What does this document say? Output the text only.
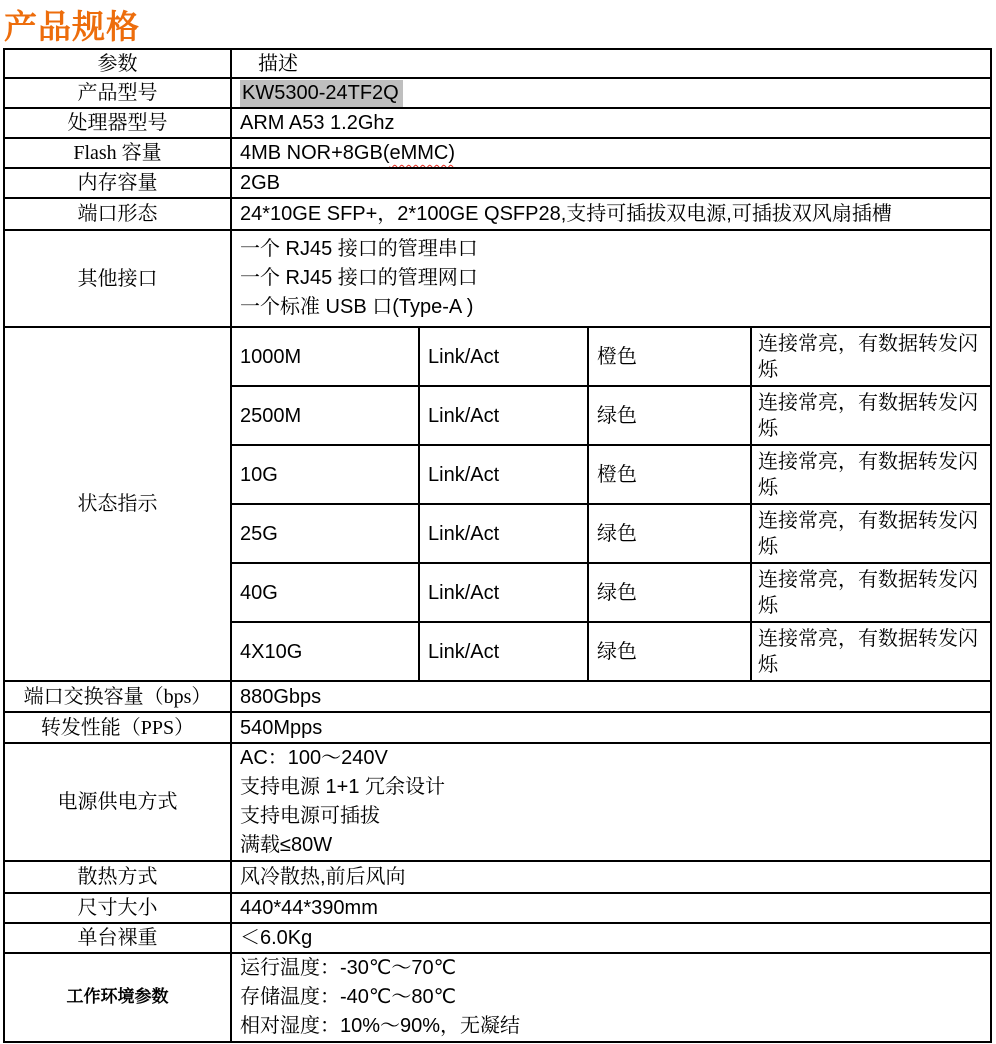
产品规格
参数	描述			
产品型号	KW5300-24TF2Q			
处理器型号	ARM A53 1.2Ghz			
Flash 容量	4MB NOR+8GB(eMMC)			
内存容量	2GB			
端口形态	24*10GE SFP+，2*100GE QSFP28,支持可插拔双电源,可插拔双风扇插槽			
其他接口	一个 RJ45 接口的管理串口
一个 RJ45 接口的管理网口
一个标准 USB 口(Type-A )			

状态指示	1000M	Link/Act	橙色	连接常亮，有数据转发闪烁
	2500M	Link/Act	绿色	连接常亮，有数据转发闪烁
	10G	Link/Act	橙色	连接常亮，有数据转发闪烁
	25G	Link/Act	绿色	连接常亮，有数据转发闪烁
	40G	Link/Act	绿色	连接常亮，有数据转发闪烁
	4X10G	Link/Act	绿色	连接常亮，有数据转发闪烁
端口交换容量（bps）	880Gbps			
转发性能（PPS）	540Mpps			
电源供电方式	AC：100～240V
支持电源 1+1 冗余设计
支持电源可插拔
满载≤80W			

散热方式	风冷散热,前后风向			
尺寸大小	440*44*390mm			
单台裸重	＜6.0Kg			
工作环境参数	运行温度：-30℃～70℃
存储温度：-40℃～80℃
相对湿度：10%～90%，无凝结			
